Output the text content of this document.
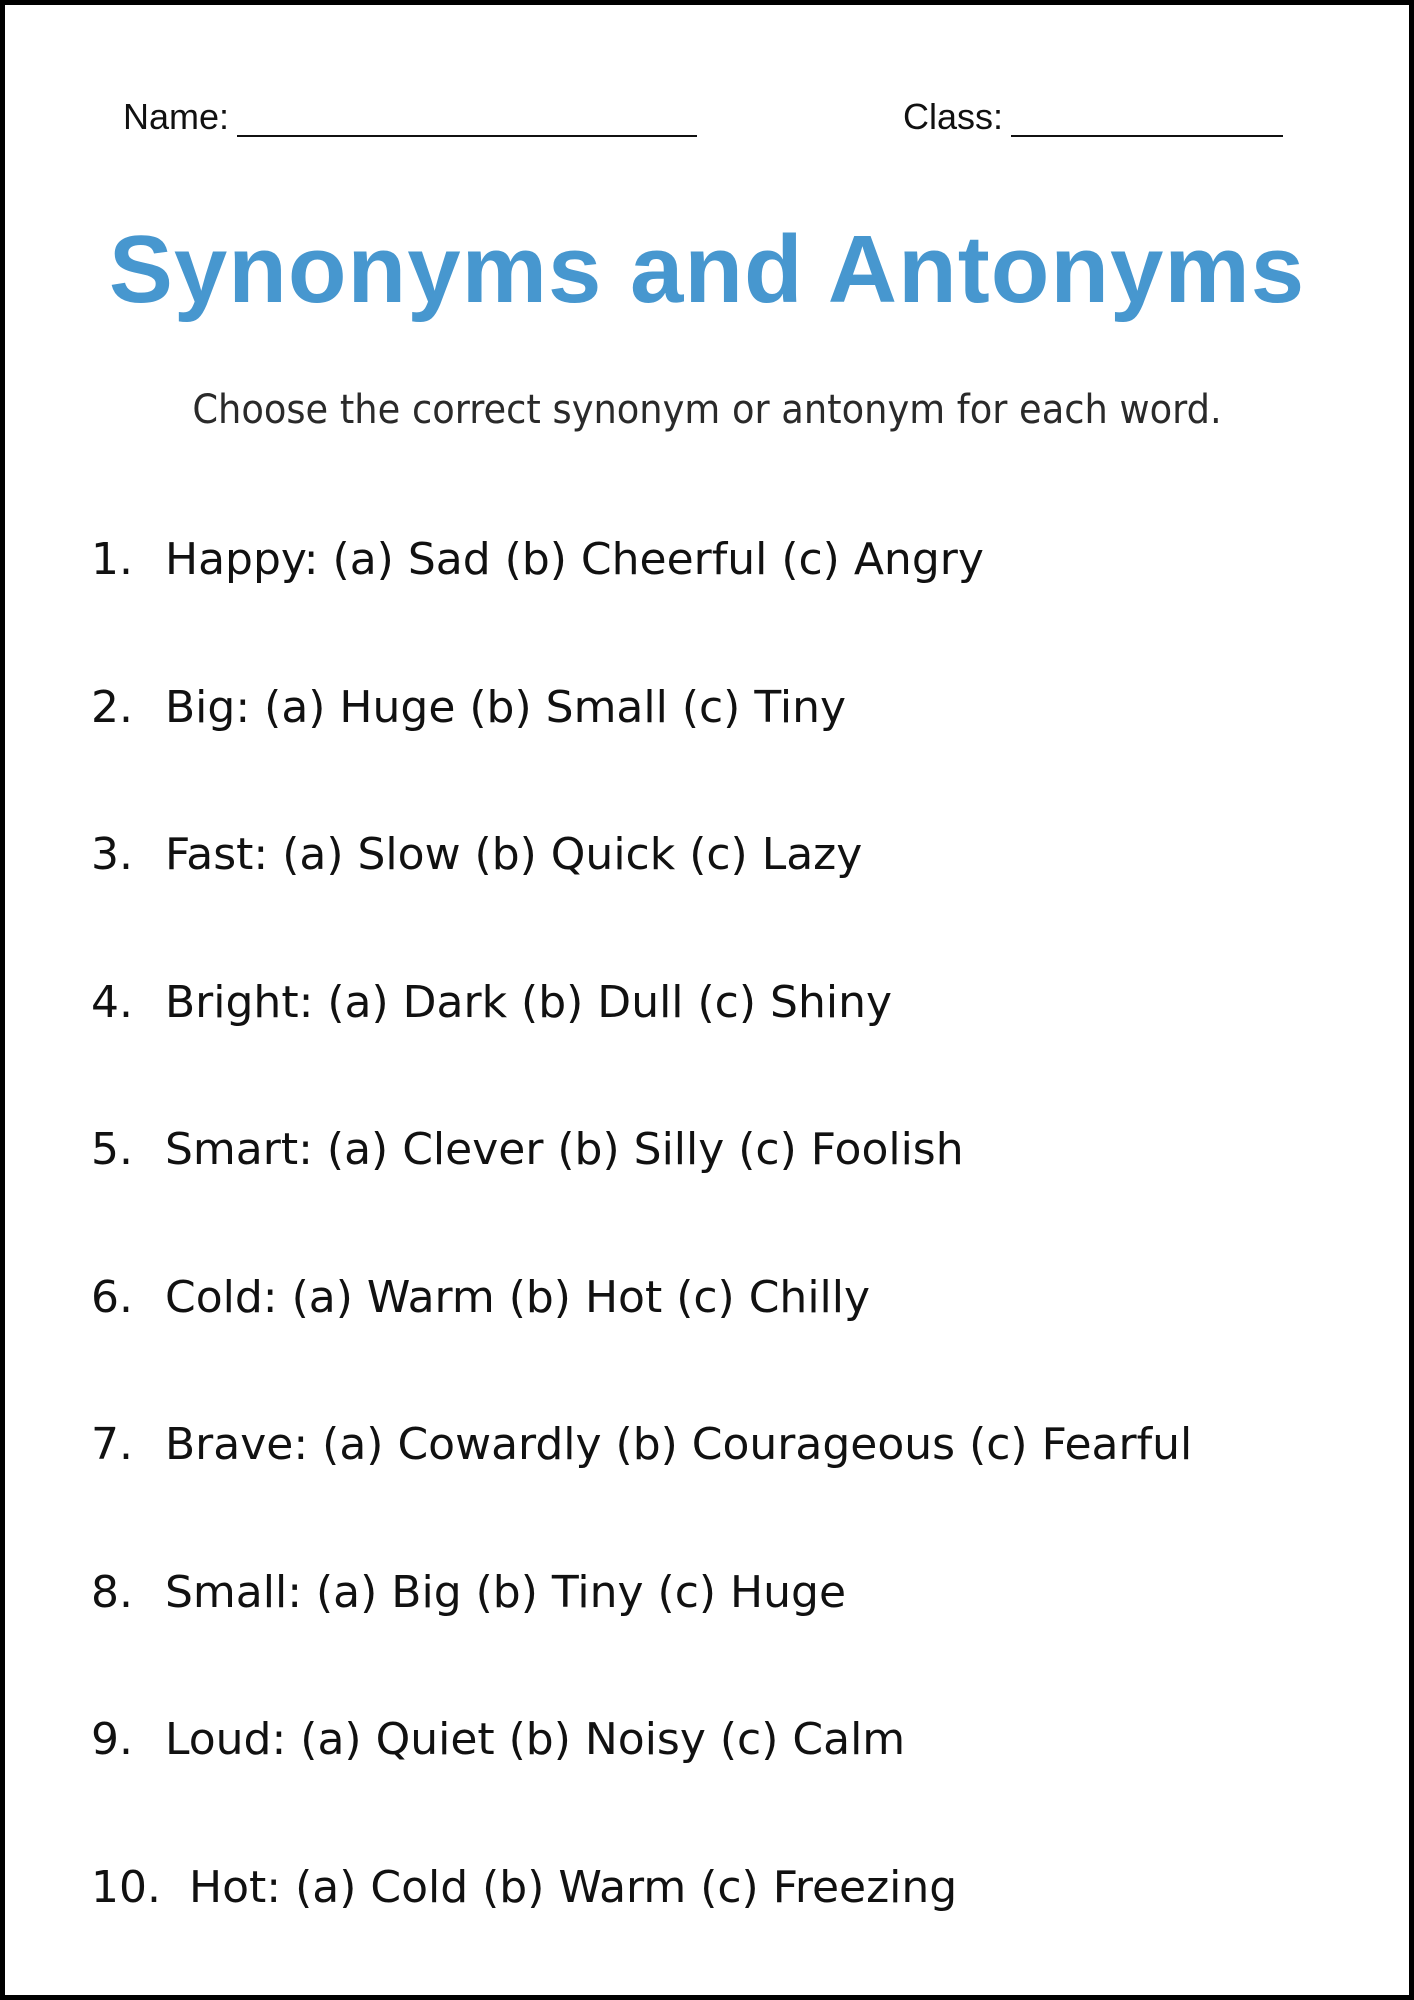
Name:	Class:
Synonyms and Antonyms
Choose the correct synonym or antonym for each word.
1. Happy: (a) Sad (b) Cheerful (c) Angry
2. Big: (a) Huge (b) Small (c) Tiny
3. Fast: (a) Slow (b) Quick (c) Lazy
4. Bright: (a) Dark (b) Dull (c) Shiny
5. Smart: (a) Clever (b) Silly (c) Foolish
6. Cold: (a) Warm (b) Hot (c) Chilly
7. Brave: (a) Cowardly (b) Courageous (c) Fearful
8. Small: (a) Big (b) Tiny (c) Huge
9. Loud: (a) Quiet (b) Noisy (c) Calm
10. Hot: (a) Cold (b) Warm (c) Freezing
